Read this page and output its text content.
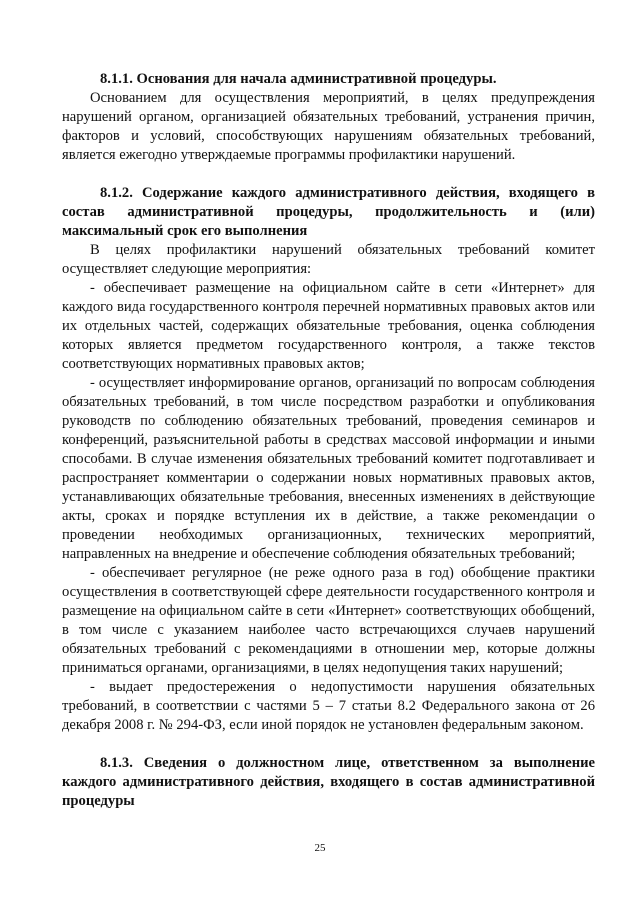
8.1.1. Основания для начала административной процедуры.

Основанием для осуществления мероприятий, в целях предупреждения нарушений органом, организацией обязательных требований, устранения причин, факторов и условий, способствующих нарушениям обязательных требований, является ежегодно утверждаемые программы профилактики нарушений.

8.1.2. Содержание каждого административного действия, входящего в состав административной процедуры, продолжительность и (или) максимальный срок его выполнения

В целях профилактики нарушений обязательных требований комитет осуществляет следующие мероприятия:

- обеспечивает размещение на официальном сайте в сети «Интернет» для каждого вида государственного контроля перечней нормативных правовых актов или их отдельных частей, содержащих обязательные требования, оценка соблюдения которых является предметом государственного контроля, а также текстов соответствующих нормативных правовых актов;

- осуществляет информирование органов, организаций по вопросам соблюдения обязательных требований, в том числе посредством разработки и опубликования руководств по соблюдению обязательных требований, проведения семинаров и конференций, разъяснительной работы в средствах массовой информации и иными способами. В случае изменения обязательных требований комитет подготавливает и распространяет комментарии о содержании новых нормативных правовых актов, устанавливающих обязательные требования, внесенных изменениях в действующие акты, сроках и порядке вступления их в действие, а также рекомендации о проведении необходимых организационных, технических мероприятий, направленных на внедрение и обеспечение соблюдения обязательных требований;

- обеспечивает регулярное (не реже одного раза в год) обобщение практики осуществления в соответствующей сфере деятельности государственного контроля и размещение на официальном сайте в сети «Интернет» соответствующих обобщений, в том числе с указанием наиболее часто встречающихся случаев нарушений обязательных требований с рекомендациями в отношении мер, которые должны приниматься органами, организациями, в целях недопущения таких нарушений;

- выдает предостережения о недопустимости нарушения обязательных требований, в соответствии с частями 5 – 7 статьи 8.2 Федерального закона от 26 декабря 2008 г. № 294-ФЗ, если иной порядок не установлен федеральным законом.

8.1.3. Сведения о должностном лице, ответственном за выполнение каждого административного действия, входящего в состав административной процедуры

25
